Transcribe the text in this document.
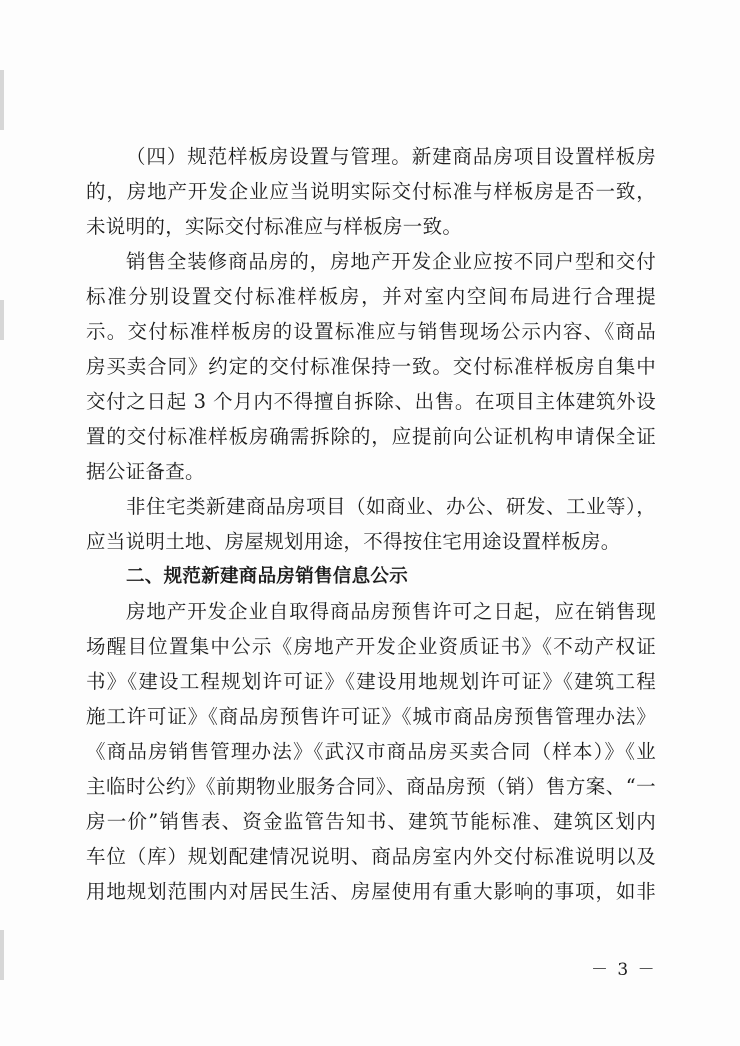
（四）规范样板房设置与管理。新建商品房项目设置样板房
的，房地产开发企业应当说明实际交付标准与样板房是否一致，
未说明的，实际交付标准应与样板房一致。
销售全装修商品房的，房地产开发企业应按不同户型和交付
标准分别设置交付标准样板房，并对室内空间布局进行合理提
示。交付标准样板房的设置标准应与销售现场公示内容、《商品
房买卖合同》约定的交付标准保持一致。交付标准样板房自集中
交付之日起 3 个月内不得擅自拆除、出售。在项目主体建筑外设
置的交付标准样板房确需拆除的，应提前向公证机构申请保全证
据公证备查。
非住宅类新建商品房项目（如商业、办公、研发、工业等），
应当说明土地、房屋规划用途，不得按住宅用途设置样板房。
二、规范新建商品房销售信息公示
房地产开发企业自取得商品房预售许可之日起，应在销售现
场醒目位置集中公示《房地产开发企业资质证书》《不动产权证
书》《建设工程规划许可证》《建设用地规划许可证》《建筑工程
施工许可证》《商品房预售许可证》《城市商品房预售管理办法》
《商品房销售管理办法》《武汉市商品房买卖合同（样本）》《业
主临时公约》《前期物业服务合同》、商品房预（销）售方案、“一
房一价”销售表、资金监管告知书、建筑节能标准、建筑区划内
车位（库）规划配建情况说明、商品房室内外交付标准说明以及
用地规划范围内对居民生活、房屋使用有重大影响的事项，如非
－ 3 －
